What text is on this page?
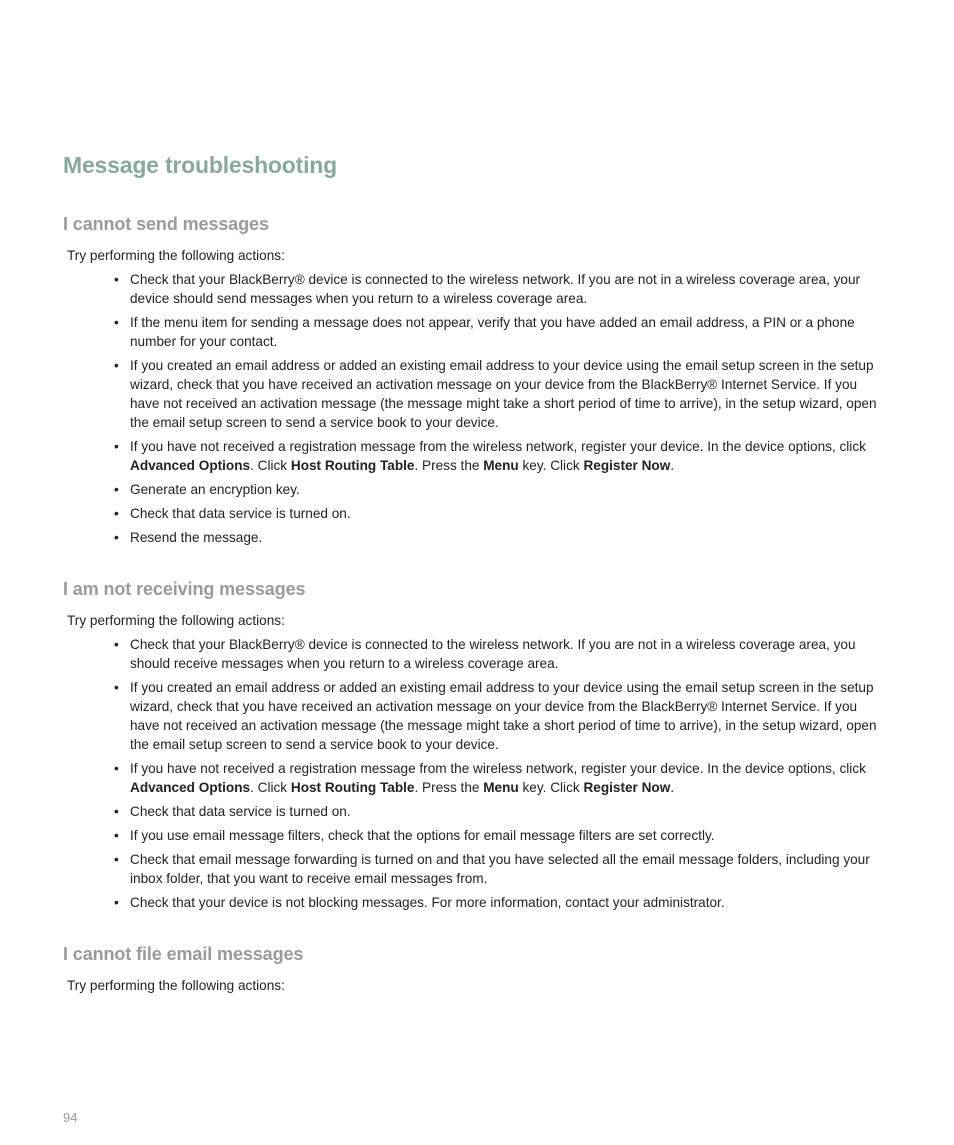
Message troubleshooting
I cannot send messages
Try performing the following actions:
• Check that your BlackBerry® device is connected to the wireless network. If you are not in a wireless coverage area, your device should send messages when you return to a wireless coverage area.
• If the menu item for sending a message does not appear, verify that you have added an email address, a PIN or a phone number for your contact.
• If you created an email address or added an existing email address to your device using the email setup screen in the setup wizard, check that you have received an activation message on your device from the BlackBerry® Internet Service. If you have not received an activation message (the message might take a short period of time to arrive), in the setup wizard, open the email setup screen to send a service book to your device.
• If you have not received a registration message from the wireless network, register your device. In the device options, click Advanced Options. Click Host Routing Table. Press the Menu key. Click Register Now.
• Generate an encryption key.
• Check that data service is turned on.
• Resend the message.
I am not receiving messages
Try performing the following actions:
• Check that your BlackBerry® device is connected to the wireless network. If you are not in a wireless coverage area, you should receive messages when you return to a wireless coverage area.
• If you created an email address or added an existing email address to your device using the email setup screen in the setup wizard, check that you have received an activation message on your device from the BlackBerry® Internet Service. If you have not received an activation message (the message might take a short period of time to arrive), in the setup wizard, open the email setup screen to send a service book to your device.
• If you have not received a registration message from the wireless network, register your device. In the device options, click Advanced Options. Click Host Routing Table. Press the Menu key. Click Register Now.
• Check that data service is turned on.
• If you use email message filters, check that the options for email message filters are set correctly.
• Check that email message forwarding is turned on and that you have selected all the email message folders, including your inbox folder, that you want to receive email messages from.
• Check that your device is not blocking messages. For more information, contact your administrator.
I cannot file email messages
Try performing the following actions:
94
